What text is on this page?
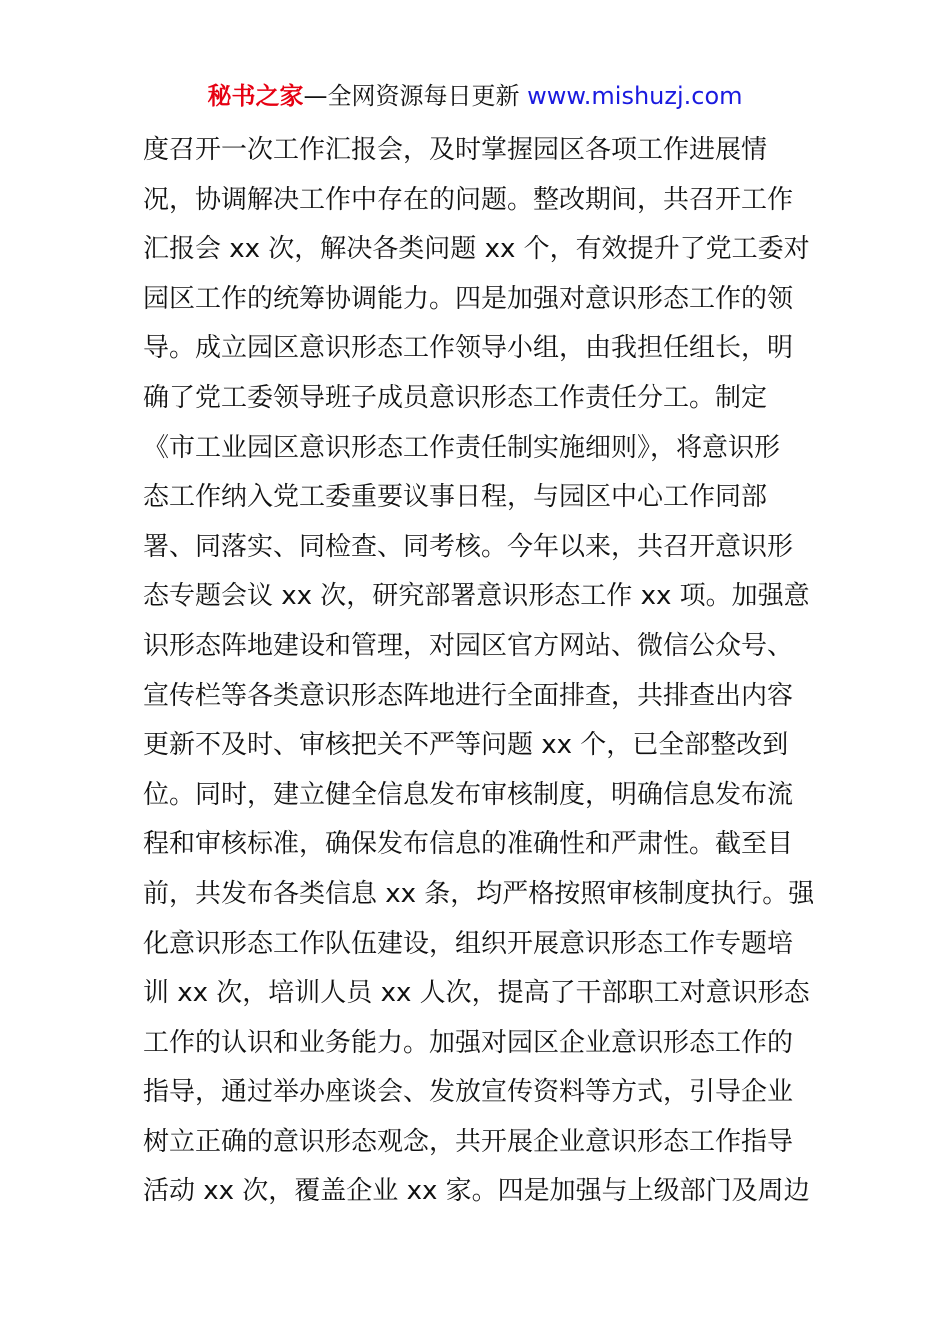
秘书之家—全网资源每日更新 www.mishuzj.com
度召开一次工作汇报会，及时掌握园区各项工作进展情
况，协调解决工作中存在的问题。整改期间，共召开工作
汇报会 xx 次，解决各类问题 xx 个，有效提升了党工委对
园区工作的统筹协调能力。四是加强对意识形态工作的领
导。成立园区意识形态工作领导小组，由我担任组长，明
确了党工委领导班子成员意识形态工作责任分工。制定
《市工业园区意识形态工作责任制实施细则》，将意识形
态工作纳入党工委重要议事日程，与园区中心工作同部
署、同落实、同检查、同考核。今年以来，共召开意识形
态专题会议 xx 次，研究部署意识形态工作 xx 项。加强意
识形态阵地建设和管理，对园区官方网站、微信公众号、
宣传栏等各类意识形态阵地进行全面排查，共排查出内容
更新不及时、审核把关不严等问题 xx 个，已全部整改到
位。同时，建立健全信息发布审核制度，明确信息发布流
程和审核标准，确保发布信息的准确性和严肃性。截至目
前，共发布各类信息 xx 条，均严格按照审核制度执行。强
化意识形态工作队伍建设，组织开展意识形态工作专题培
训 xx 次，培训人员 xx 人次，提高了干部职工对意识形态
工作的认识和业务能力。加强对园区企业意识形态工作的
指导，通过举办座谈会、发放宣传资料等方式，引导企业
树立正确的意识形态观念，共开展企业意识形态工作指导
活动 xx 次，覆盖企业 xx 家。四是加强与上级部门及周边
